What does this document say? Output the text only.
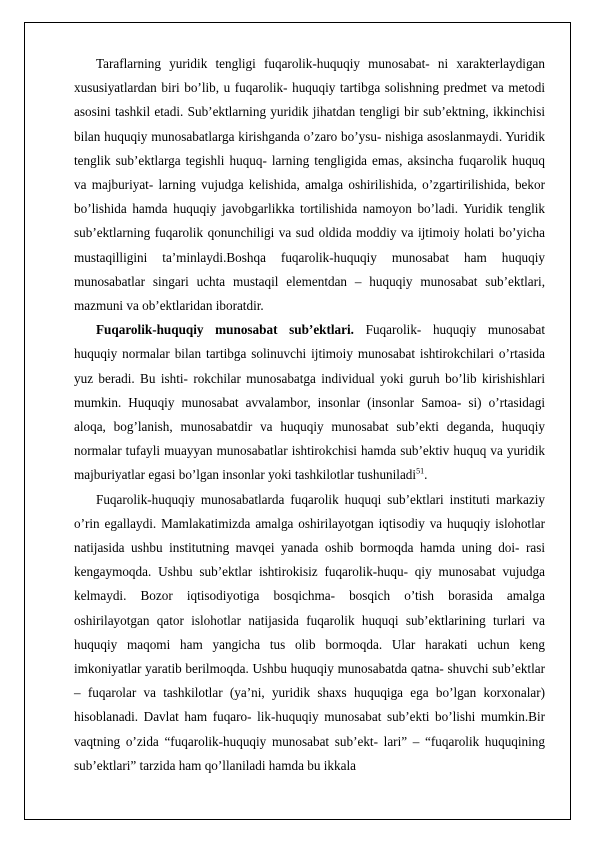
Taraflarning yuridik tengligi fuqarolik-huquqiy munosabat- ni xarakterlaydigan xususiyatlardan biri bo’lib, u fuqarolik- huquqiy tartibga solishning predmet va metodi asosini tashkil etadi. Sub’ektlarning yuridik jihatdan tengligi bir sub’ektning, ikkinchisi bilan huquqiy munosabatlarga kirishganda o’zaro bo’ysu- nishiga asoslanmaydi. Yuridik tenglik sub’ektlarga tegishli huquq- larning tengligida emas, aksincha fuqarolik huquq va majburiyat- larning vujudga kelishida, amalga oshirilishida, o’zgartirilishida, bekor bo’lishida hamda huquqiy javobgarlikka tortilishida namoyon bo’ladi. Yuridik tenglik sub’ektlarning fuqarolik qonunchiligi va sud oldida moddiy va ijtimoiy holati bo’yicha mustaqilligini ta’minlaydi.Boshqa fuqarolik-huquqiy munosabat ham huquqiy munosabatlar singari uchta mustaqil elementdan – huquqiy munosabat sub’ektlari, mazmuni va ob’ektlaridan iboratdir.

Fuqarolik-huquqiy munosabat sub’ektlari. Fuqarolik- huquqiy munosabat huquqiy normalar bilan tartibga solinuvchi ijtimoiy munosabat ishtirokchilari o’rtasida yuz beradi. Bu ishti- rokchilar munosabatga individual yoki guruh bo’lib kirishishlari mumkin. Huquqiy munosabat avvalambor, insonlar (insonlar Samoa- si) o’rtasidagi aloqa, bog’lanish, munosabatdir va huquqiy munosabat sub’ekti deganda, huquqiy normalar tufayli muayyan munosabatlar ishtirokchisi hamda sub’ektiv huquq va yuridik majburiyatlar egasi bo’lgan insonlar yoki tashkilotlar tushuniladi$^{51}$.

Fuqarolik-huquqiy munosabatlarda fuqarolik huquqi sub’ektlari instituti markaziy o’rin egallaydi. Mamlakatimizda amalga oshirilayotgan iqtisodiy va huquqiy islohotlar natijasida ushbu institutning mavqei yanada oshib bormoqda hamda uning doi- rasi kengaymoqda. Ushbu sub’ektlar ishtirokisiz fuqarolik-huqu- qiy munosabat vujudga kelmaydi. Bozor iqtisodiyotiga bosqichma- bosqich o’tish borasida amalga oshirilayotgan qator islohotlar natijasida fuqarolik huquqi sub’ektlarining turlari va huquqiy maqomi ham yangicha tus olib bormoqda. Ular harakati uchun keng imkoniyatlar yaratib berilmoqda. Ushbu huquqiy munosabatda qatna- shuvchi sub’ektlar – fuqarolar va tashkilotlar (ya’ni, yuridik shaxs huquqiga ega bo’lgan korxonalar) hisoblanadi. Davlat ham fuqaro- lik-huquqiy munosabat sub’ekti bo’lishi mumkin.Bir vaqtning o’zida “fuqarolik-huquqiy munosabat sub’ekt- lari” – “fuqarolik huquqining sub’ektlari” tarzida ham qo’llaniladi hamda bu ikkala
